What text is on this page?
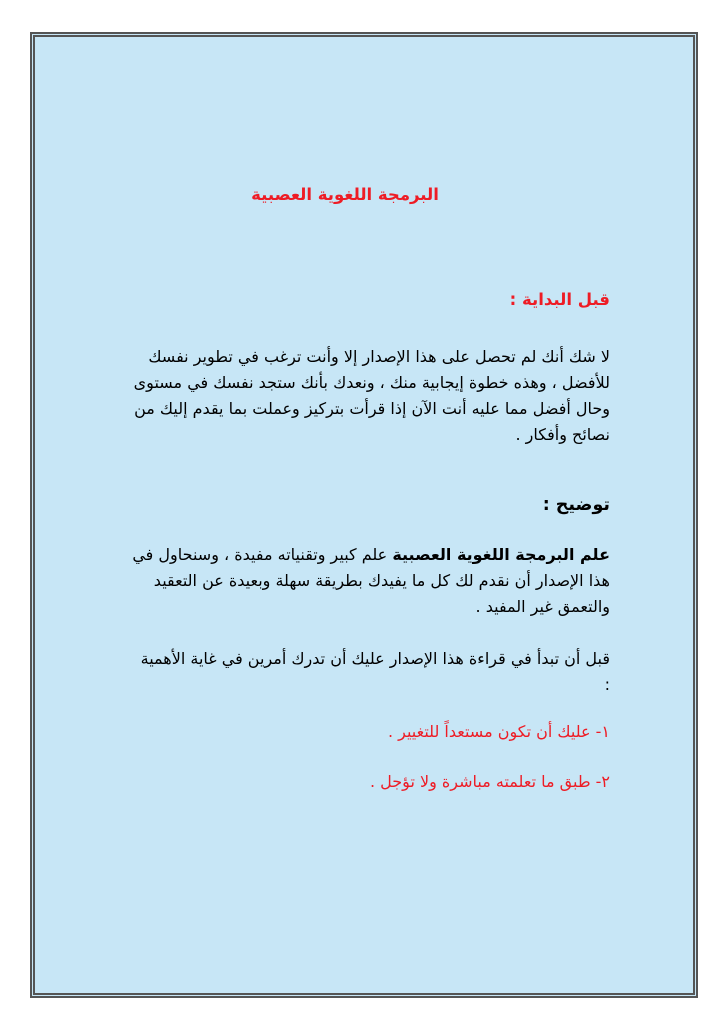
البرمجة اللغوية العصبية
قبل البداية :
لا شك أنك لم تحصل على هذا الإصدار إلا وأنت ترغب في تطوير نفسك للأفضل ، وهذه خطوة إيجابية منك ، ونعدك بأنك ستجد نفسك في مستوى وحال أفضل مما عليه أنت الآن إذا قرأت بتركيز وعملت بما يقدم إليك من نصائح وأفكار .
توضيح :
علم البرمجة اللغوية العصبية علم كبير وتقنياته مفيدة ، وسنحاول في هذا الإصدار أن نقدم لك كل ما يفيدك بطريقة سهلة وبعيدة عن التعقيد والتعمق غير المفيد .
قبل أن تبدأ في قراءة هذا الإصدار عليك أن تدرك أمرين في غاية الأهمية :
١- عليك أن تكون مستعداً للتغيير .
٢- طبق ما تعلمته مباشرة ولا تؤجل .
